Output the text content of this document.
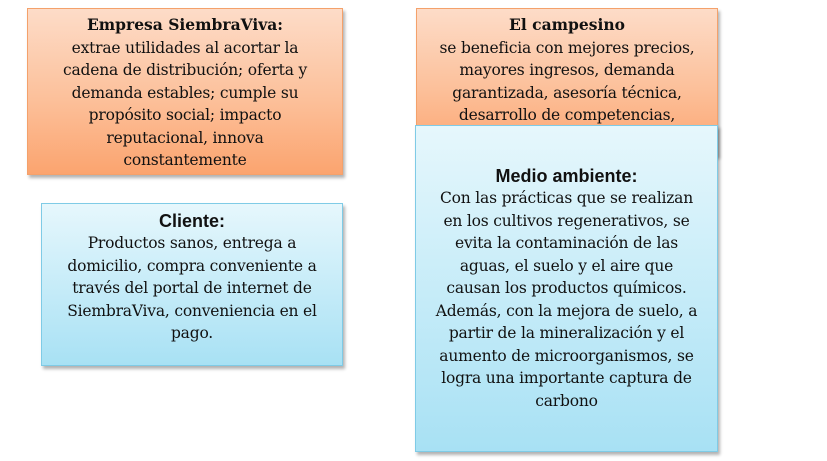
Empresa SiembraViva:
extrae utilidades al acortar la
cadena de distribución; oferta y
demanda estables; cumple su
propósito social; impacto
reputacional, innova
constantemente
El campesino
se beneficia con mejores precios,
mayores ingresos, demanda
garantizada, asesoría técnica,
desarrollo de competencias,
Cliente:
Productos sanos, entrega a
domicilio, compra conveniente a
través del portal de internet de
SiembraViva, conveniencia en el
pago.
Medio ambiente:
Con las prácticas que se realizan
en los cultivos regenerativos, se
evita la contaminación de las
aguas, el suelo y el aire que
causan los productos químicos.
Además, con la mejora de suelo, a
partir de la mineralización y el
aumento de microorganismos, se
logra una importante captura de
carbono
